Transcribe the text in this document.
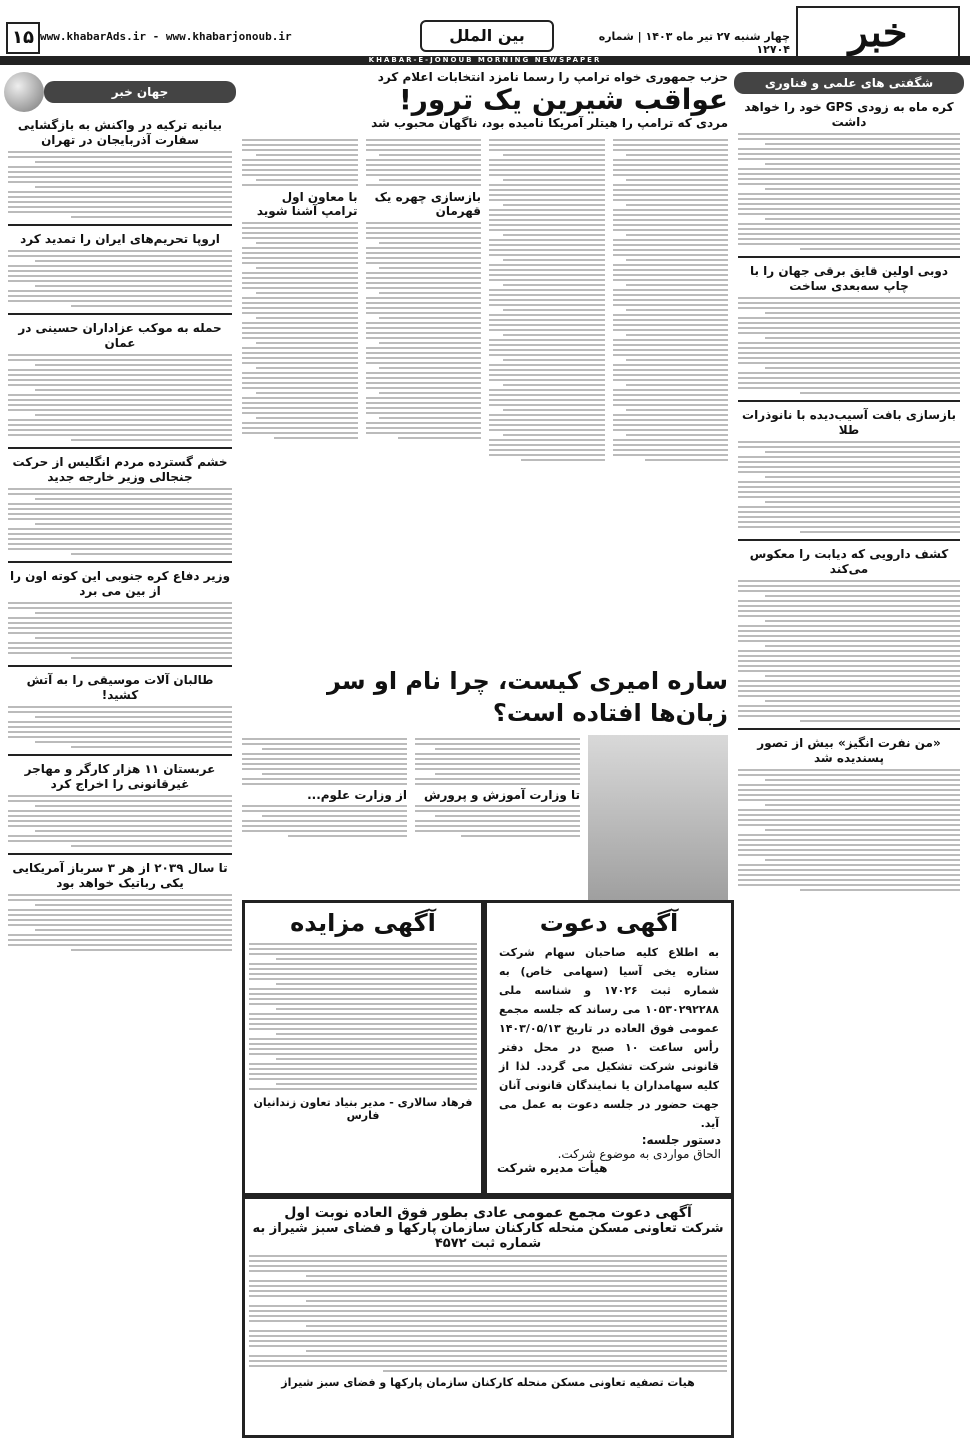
خبر
چهار شنبه ۲۷ تیر ماه ۱۴۰۳ | شماره ۱۲۷۰۴
بین الملل
www.khabarAds.ir - www.khabarjonoub.ir
۱۵
KHABAR-E-JONOUB MORNING NEWSPAPER
شگفتی های علمی و فناوری
کره ماه به زودی GPS خود را خواهد داشت
دوبی اولین قایق برقی جهان را با چاپ سه‌بعدی ساخت
بازسازی بافت آسیب‌دیده با نانوذرات طلا
کشف دارویی که دیابت را معکوس می‌کند
«من نفرت انگیز» بیش از تصور پسندیده شد
جهان خبر
بیانیه ترکیه در واکنش به بازگشایی سفارت آذربایجان در تهران
اروپا تحریم‌های ایران را تمدید کرد
حمله به موکب عزاداران حسینی در عمان
خشم گسترده مردم انگلیس از حرکت جنجالی وزیر خارجه جدید
وزیر دفاع کره جنوبی این کوته اون را از بین می برد
طالبان آلات موسیقی را به آتش کشید!
عربستان ۱۱ هزار کارگر و مهاجر غیرقانونی را اخراج کرد
تا سال ۲۰۳۹ از هر ۳ سرباز آمریکایی یکی رباتیک خواهد بود
حزب جمهوری خواه ترامپ را رسما نامزد انتخابات اعلام کرد
عواقب شیرین یک ترور!
مردی که ترامپ را هیتلر آمریکا نامیده بود، ناگهان محبوب شد
بازسازی چهره یک قهرمان
با معاون اول ترامپ آشنا شوید
ساره امیری کیست، چرا نام او سر زبان‌ها افتاده است؟
تا وزارت آموزش و پرورش
از وزارت علوم...
آگهی دعوت
به اطلاع کلیه صاحبان سهام شرکت ستاره یخی آسیا (سهامی خاص) به شماره ثبت ۱۷۰۲۶ و شناسه ملی ۱۰۵۳۰۲۹۲۲۸۸ می رساند که جلسه مجمع عمومی فوق العاده در تاریخ ۱۴۰۳/۰۵/۱۳ رأس ساعت ۱۰ صبح در محل دفتر قانونی شرکت تشکیل می گردد. لذا از کلیه سهامداران یا نمایندگان قانونی آنان جهت حضور در جلسه دعوت به عمل می آید.
دستور جلسه:
الحاق مواردی به موضوع شرکت.
هیأت مدیره شرکت
آگهی مزایده
فرهاد سالاری - مدیر بنیاد تعاون زندانیان فارس
آگهی دعوت مجمع عمومی عادی بطور فوق العاده نوبت اول
شرکت تعاونی مسکن منحله کارکنان سازمان پارکها و فضای سبز شیراز به شماره ثبت ۴۵۷۲
هیات تصفیه تعاونی مسکن منحله کارکنان سازمان پارکها و فضای سبز شیراز
